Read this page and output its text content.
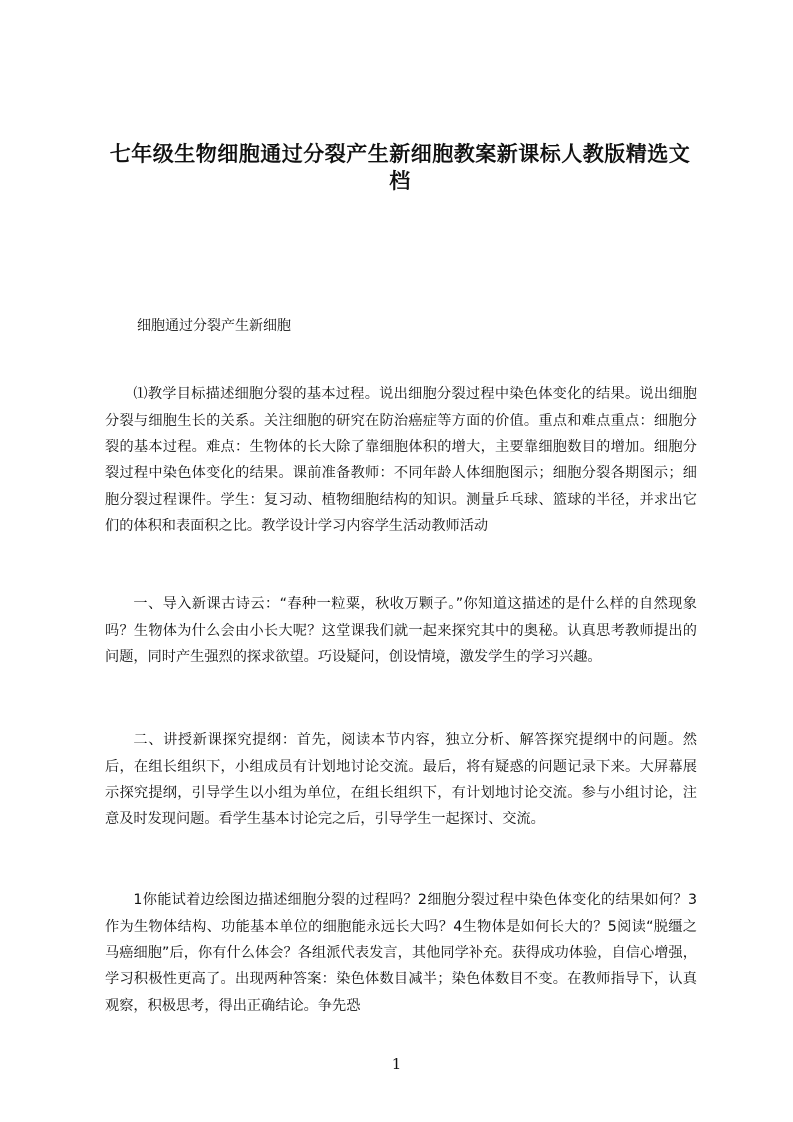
七年级生物细胞通过分裂产生新细胞教案新课标人教版精选文档
细胞通过分裂产生新细胞

⑴教学目标描述细胞分裂的基本过程。说出细胞分裂过程中染色体变化的结果。说出细胞分裂与细胞生长的关系。关注细胞的研究在防治癌症等方面的价值。重点和难点重点：细胞分裂的基本过程。难点：生物体的长大除了靠细胞体积的增大，主要靠细胞数目的增加。细胞分裂过程中染色体变化的结果。课前准备教师：不同年龄人体细胞图示；细胞分裂各期图示；细胞分裂过程课件。学生：复习动、植物细胞结构的知识。测量乒乓球、篮球的半径，并求出它们的体积和表面积之比。教学设计学习内容学生活动教师活动

一、导入新课古诗云：“春种一粒粟，秋收万颗子。”你知道这描述的是什么样的自然现象吗？生物体为什么会由小长大呢？这堂课我们就一起来探究其中的奥秘。认真思考教师提出的问题，同时产生强烈的探求欲望。巧设疑问，创设情境，激发学生的学习兴趣。

二、讲授新课探究提纲：首先，阅读本节内容，独立分析、解答探究提纲中的问题。然后，在组长组织下，小组成员有计划地讨论交流。最后，将有疑惑的问题记录下来。大屏幕展示探究提纲，引导学生以小组为单位，在组长组织下，有计划地讨论交流。参与小组讨论，注意及时发现问题。看学生基本讨论完之后，引导学生一起探讨、交流。

1你能试着边绘图边描述细胞分裂的过程吗？2细胞分裂过程中染色体变化的结果如何？3作为生物体结构、功能基本单位的细胞能永远长大吗？4生物体是如何长大的？5阅读“脱缰之马癌细胞”后，你有什么体会？各组派代表发言，其他同学补充。获得成功体验，自信心增强，学习积极性更高了。出现两种答案：染色体数目减半；染色体数目不变。在教师指导下，认真观察，积极思考，得出正确结论。争先恐

1
